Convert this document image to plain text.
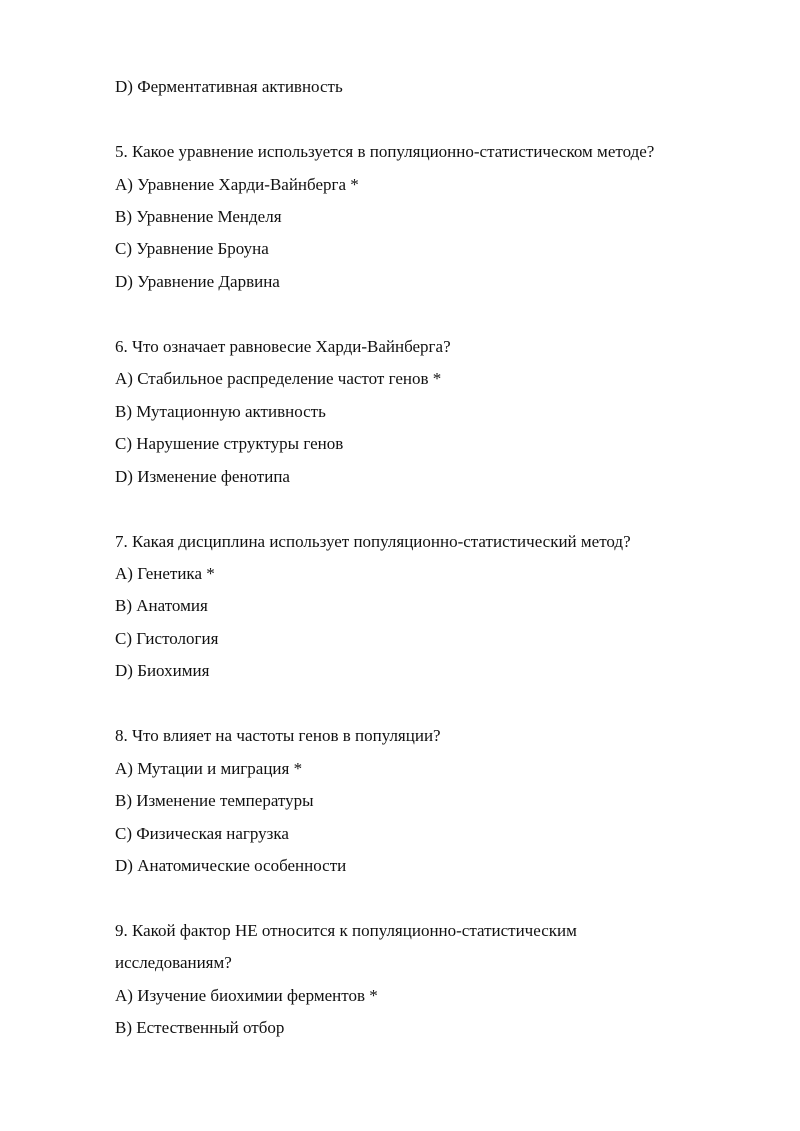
D) Ферментативная активность
5. Какое уравнение используется в популяционно-статистическом методе?
A) Уравнение Харди-Вайнберга *
B) Уравнение Менделя
C) Уравнение Броуна
D) Уравнение Дарвина
6. Что означает равновесие Харди-Вайнберга?
A) Стабильное распределение частот генов *
B) Мутационную активность
C) Нарушение структуры генов
D) Изменение фенотипа
7. Какая дисциплина использует популяционно-статистический метод?
A) Генетика *
B) Анатомия
C) Гистология
D) Биохимия
8. Что влияет на частоты генов в популяции?
A) Мутации и миграция *
B) Изменение температуры
C) Физическая нагрузка
D) Анатомические особенности
9. Какой фактор НЕ относится к популяционно-статистическим
исследованиям?
A) Изучение биохимии ферментов *
B) Естественный отбор
